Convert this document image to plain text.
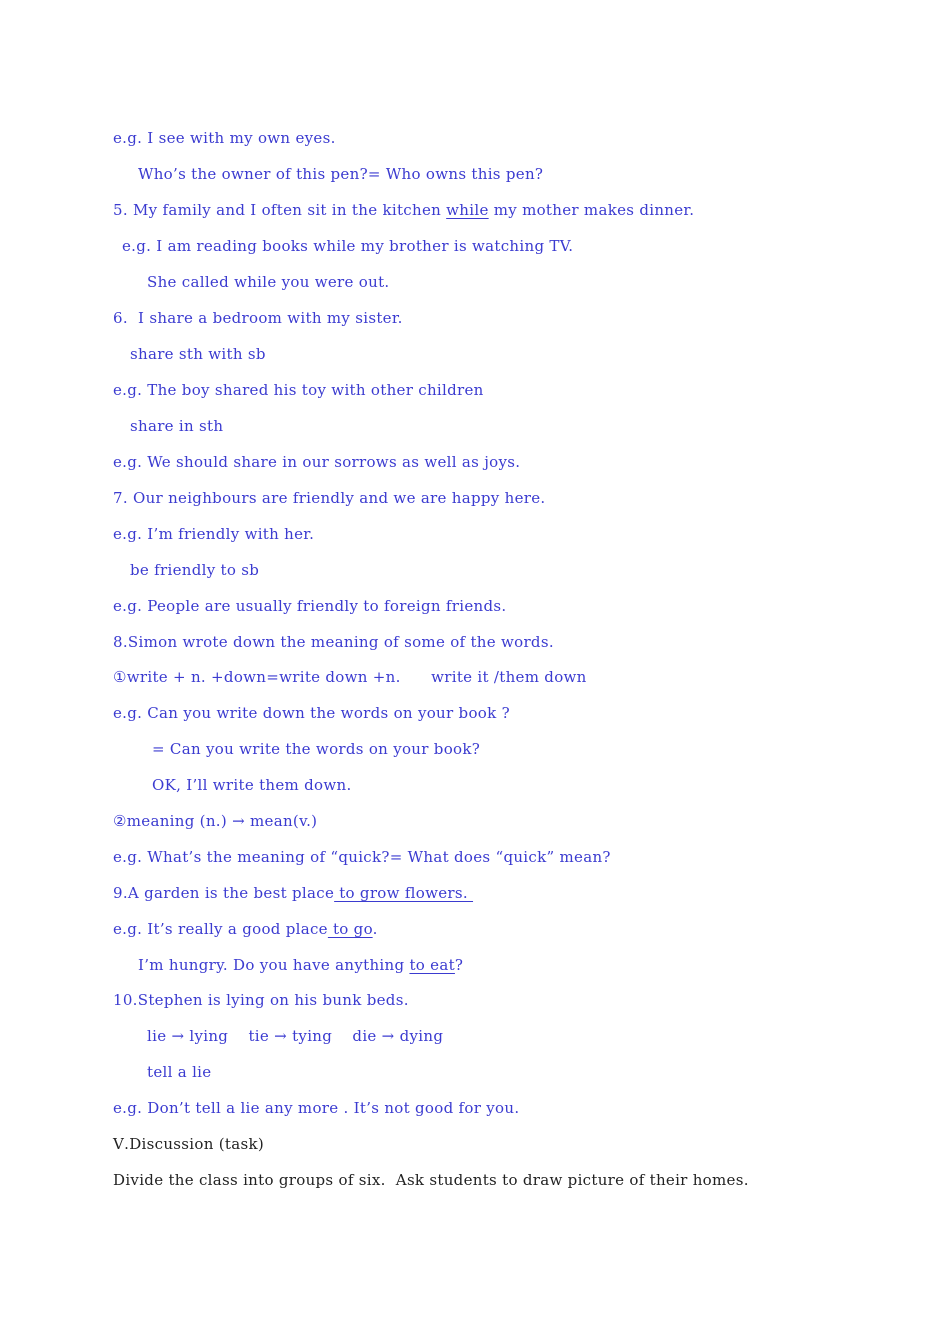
e.g. I see with my own eyes.
Who’s the owner of this pen?= Who owns this pen?
5. My family and I often sit in the kitchen while my mother makes dinner.
e.g. I am reading books while my brother is watching TV.
She called while you were out.
6.  I share a bedroom with my sister.
share sth with sb
e.g. The boy shared his toy with other children
share in sth
e.g. We should share in our sorrows as well as joys.
7. Our neighbours are friendly and we are happy here.
e.g. I’m friendly with her.
be friendly to sb
e.g. People are usually friendly to foreign friends.
8.Simon wrote down the meaning of some of the words.
①write + n. +down=write down +n.      write it /them down
e.g. Can you write down the words on your book ?
= Can you write the words on your book?
OK, I’ll write them down.
②meaning (n.) → mean(v.)
e.g. What’s the meaning of “quick?= What does “quick” mean?
9.A garden is the best place to grow flowers.
e.g. It’s really a good place to go.
I’m hungry. Do you have anything to eat?
10.Stephen is lying on his bunk beds.
lie → lying    tie → tying    die → dying
tell a lie
e.g. Don’t tell a lie any more . It’s not good for you.
Ⅴ.Discussion (task)
Divide the class into groups of six.  Ask students to draw picture of their homes.
